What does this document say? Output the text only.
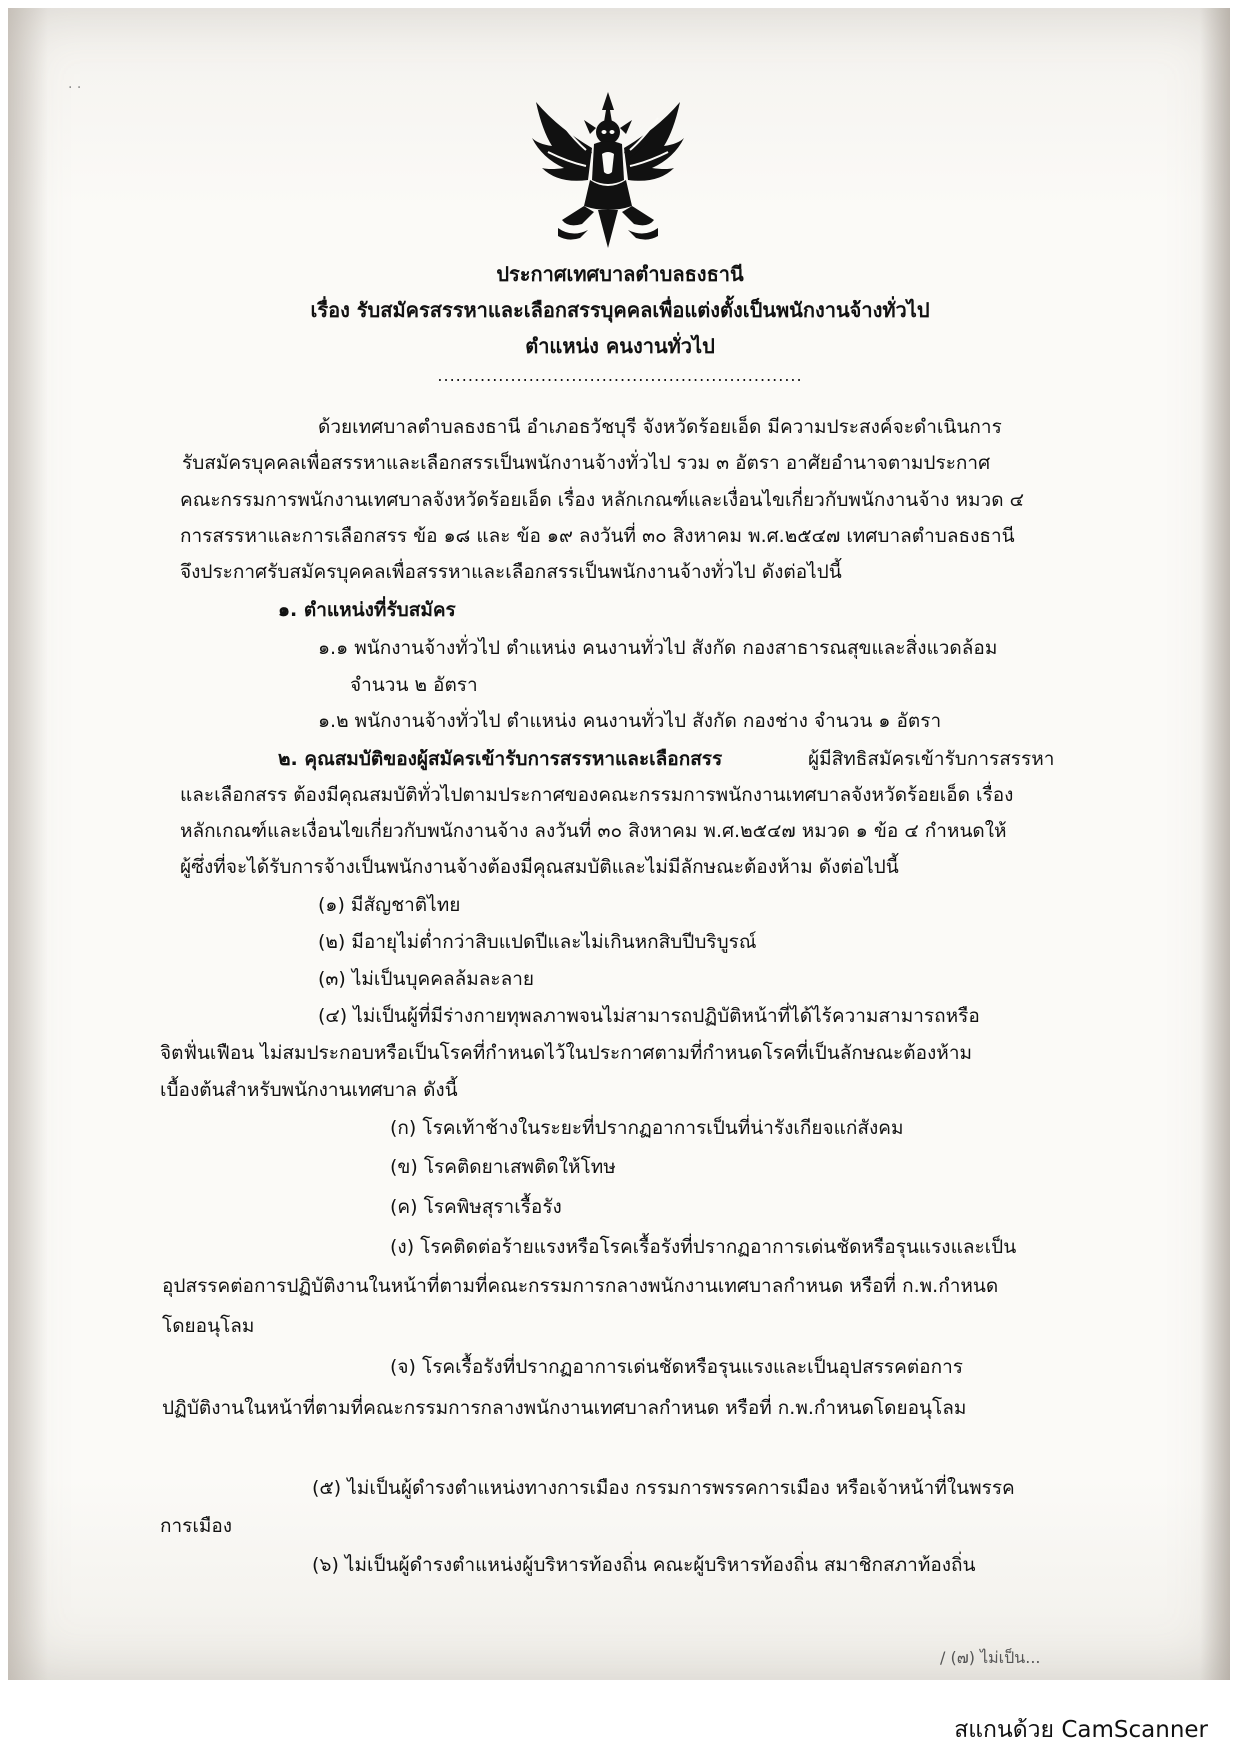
· ·
ประกาศเทศบาลตำบลธงธานี
เรื่อง รับสมัครสรรหาและเลือกสรรบุคคลเพื่อแต่งตั้งเป็นพนักงานจ้างทั่วไป
ตำแหน่ง คนงานทั่วไป
............................................................
ด้วยเทศบาลตำบลธงธานี อำเภอธวัชบุรี จังหวัดร้อยเอ็ด มีความประสงค์จะดำเนินการ
รับสมัครบุคคลเพื่อสรรหาและเลือกสรรเป็นพนักงานจ้างทั่วไป รวม ๓ อัตรา อาศัยอำนาจตามประกาศ
คณะกรรมการพนักงานเทศบาลจังหวัดร้อยเอ็ด เรื่อง หลักเกณฑ์และเงื่อนไขเกี่ยวกับพนักงานจ้าง หมวด ๔
การสรรหาและการเลือกสรร ข้อ ๑๘ และ ข้อ ๑๙ ลงวันที่ ๓๐ สิงหาคม พ.ศ.๒๕๔๗ เทศบาลตำบลธงธานี
จึงประกาศรับสมัครบุคคลเพื่อสรรหาและเลือกสรรเป็นพนักงานจ้างทั่วไป ดังต่อไปนี้
๑. ตำแหน่งที่รับสมัคร
๑.๑ พนักงานจ้างทั่วไป ตำแหน่ง คนงานทั่วไป สังกัด กองสาธารณสุขและสิ่งแวดล้อม
จำนวน ๒ อัตรา
๑.๒ พนักงานจ้างทั่วไป ตำแหน่ง คนงานทั่วไป สังกัด กองช่าง จำนวน ๑ อัตรา
๒. คุณสมบัติของผู้สมัครเข้ารับการสรรหาและเลือกสรร	ผู้มีสิทธิสมัครเข้ารับการสรรหา
และเลือกสรร ต้องมีคุณสมบัติทั่วไปตามประกาศของคณะกรรมการพนักงานเทศบาลจังหวัดร้อยเอ็ด เรื่อง
หลักเกณฑ์และเงื่อนไขเกี่ยวกับพนักงานจ้าง ลงวันที่ ๓๐ สิงหาคม พ.ศ.๒๕๔๗ หมวด ๑ ข้อ ๔ กำหนดให้
ผู้ซึ่งที่จะได้รับการจ้างเป็นพนักงานจ้างต้องมีคุณสมบัติและไม่มีลักษณะต้องห้าม ดังต่อไปนี้
(๑) มีสัญชาติไทย
(๒) มีอายุไม่ต่ำกว่าสิบแปดปีและไม่เกินหกสิบปีบริบูรณ์
(๓) ไม่เป็นบุคคลล้มละลาย
(๔) ไม่เป็นผู้ที่มีร่างกายทุพลภาพจนไม่สามารถปฏิบัติหน้าที่ได้ไร้ความสามารถหรือ
จิตฟั่นเฟือน ไม่สมประกอบหรือเป็นโรคที่กำหนดไว้ในประกาศตามที่กำหนดโรคที่เป็นลักษณะต้องห้าม
เบื้องต้นสำหรับพนักงานเทศบาล ดังนี้
(ก) โรคเท้าช้างในระยะที่ปรากฏอาการเป็นที่น่ารังเกียจแก่สังคม
(ข) โรคติดยาเสพติดให้โทษ
(ค) โรคพิษสุราเรื้อรัง
(ง) โรคติดต่อร้ายแรงหรือโรคเรื้อรังที่ปรากฏอาการเด่นชัดหรือรุนแรงและเป็น
อุปสรรคต่อการปฏิบัติงานในหน้าที่ตามที่คณะกรรมการกลางพนักงานเทศบาลกำหนด หรือที่ ก.พ.กำหนด
โดยอนุโลม
(จ) โรคเรื้อรังที่ปรากฏอาการเด่นชัดหรือรุนแรงและเป็นอุปสรรคต่อการ
ปฏิบัติงานในหน้าที่ตามที่คณะกรรมการกลางพนักงานเทศบาลกำหนด หรือที่ ก.พ.กำหนดโดยอนุโลม
(๕) ไม่เป็นผู้ดำรงตำแหน่งทางการเมือง กรรมการพรรคการเมือง หรือเจ้าหน้าที่ในพรรค
การเมือง
(๖) ไม่เป็นผู้ดำรงตำแหน่งผู้บริหารท้องถิ่น คณะผู้บริหารท้องถิ่น สมาชิกสภาท้องถิ่น
/ (๗) ไม่เป็น...
สแกนด้วย CamScanner
